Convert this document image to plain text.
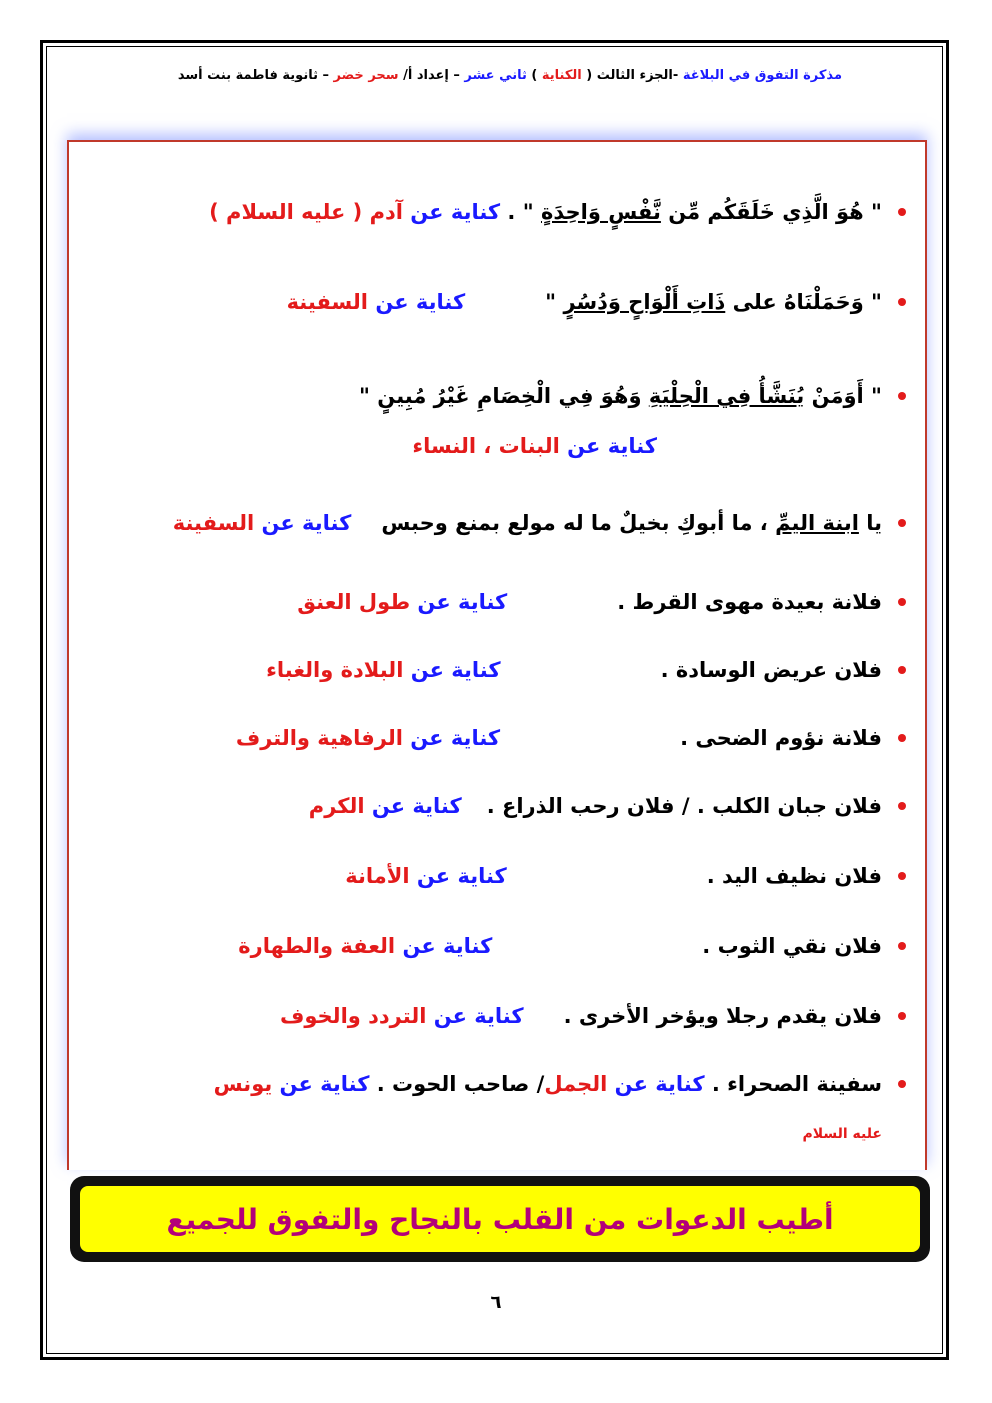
مذكرة التفوق في البلاغة -الجزء الثالث ( الكناية ) ثاني عشر – إعداد أ/ سحر خضر – ثانوية فاطمة بنت أسد
" هُوَ الَّذِي خَلَقَكُم مِّن نَّفْسٍ وَاحِدَةٍ " . كناية عن آدم ( عليه السلام )
" وَحَمَلْنَاهُ على ذَاتِ أَلْوَاحٍ وَدُسُرٍ "كناية عن السفينة
" أَوَمَنْ يُنَشَّأُ فِي الْحِلْيَةِ وَهُوَ فِي الْخِصَامِ غَيْرُ مُبِينٍ "
كناية عن البنات ، النساء
يا ابنة اليمِّ ، ما أبوكِ بخيلٌ ما له مولع بمنع وحبسكناية عن السفينة
فلانة بعيدة مهوى القرط .كناية عن طول العنق
فلان عريض الوسادة .كناية عن البلادة والغباء
فلانة نؤوم الضحى .كناية عن الرفاهية والترف
فلان جبان الكلب . / فلان رحب الذراع .كناية عن الكرم
فلان نظيف اليد .كناية عن الأمانة
فلان نقي الثوب .كناية عن العفة والطهارة
فلان يقدم رجلا ويؤخر الأخرى .كناية عن التردد والخوف
سفينة الصحراء . كناية عن الجمل/ صاحب الحوت . كناية عن يونس
عليه السلام
أطيب الدعوات من القلب بالنجاح والتفوق للجميع
٦
